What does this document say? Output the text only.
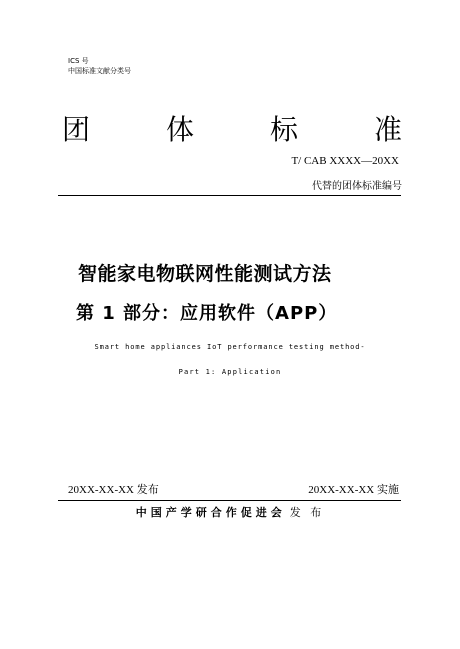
ICS 号
中国标准文献分类号
团	体	标	准
T/ CAB XXXX—20XX
代替的团体标准编号
智能家电物联网性能测试方法
第 1 部分：应用软件（APP）
Smart home appliances IoT performance testing method-
Part 1: Application
20XX-XX-XX 发布	20XX-XX-XX 实施
中国产学研合作促进会 发 布
